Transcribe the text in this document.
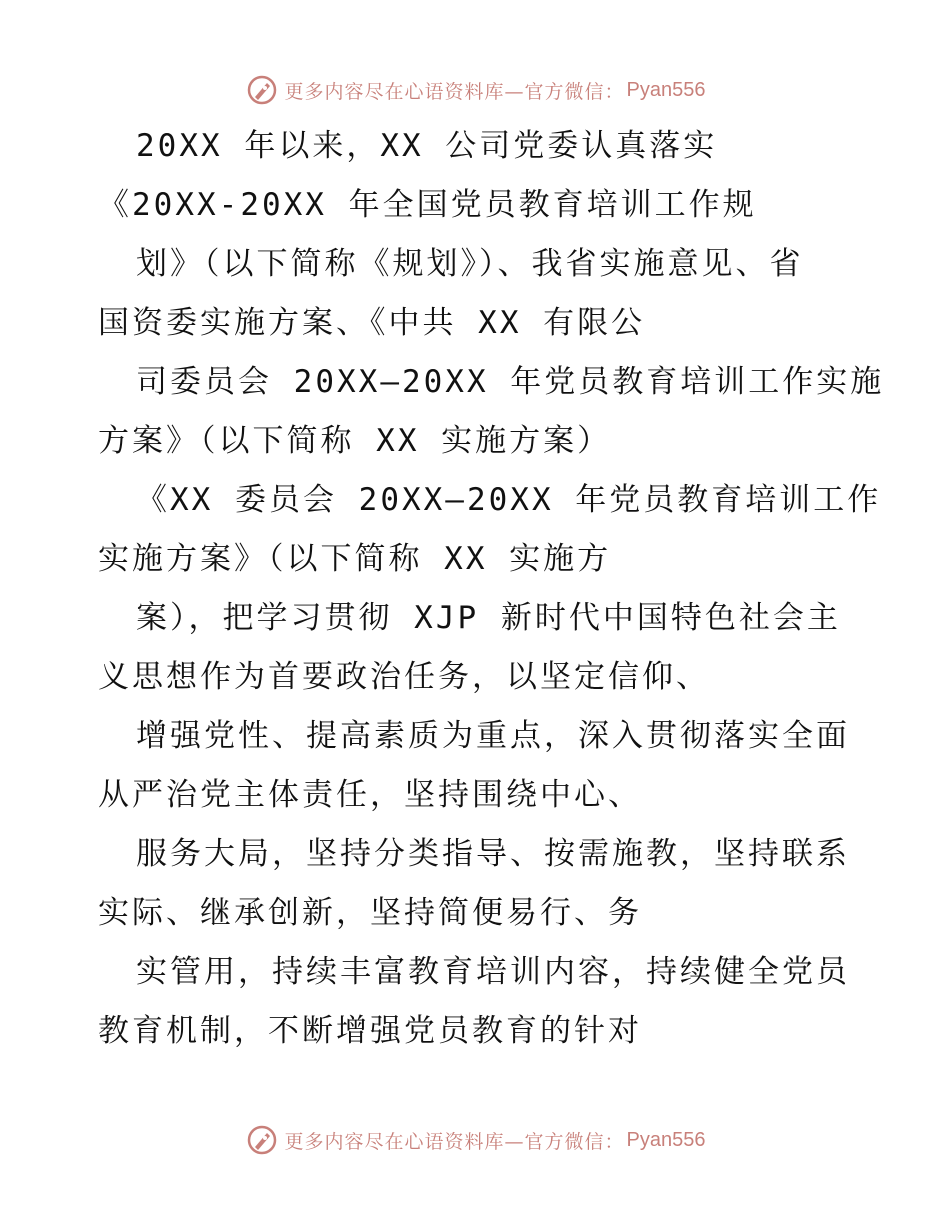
更多内容尽在心语资料库—官方微信： Pyan556
20XX 年以来，XX 公司党委认真落实
《20XX-20XX 年全国党员教育培训工作规
划》（以下简称《规划》）、我省实施意见、省
国资委实施方案、《中共 XX 有限公
司委员会 20XX—20XX 年党员教育培训工作实施
方案》（以下简称 XX 实施方案）
《XX 委员会 20XX—20XX 年党员教育培训工作
实施方案》（以下简称 XX 实施方
案），把学习贯彻 XJP 新时代中国特色社会主
义思想作为首要政治任务，以坚定信仰、
增强党性、提高素质为重点，深入贯彻落实全面
从严治党主体责任，坚持围绕中心、
服务大局，坚持分类指导、按需施教，坚持联系
实际、继承创新，坚持简便易行、务
实管用，持续丰富教育培训内容，持续健全党员
教育机制，不断增强党员教育的针对
更多内容尽在心语资料库—官方微信： Pyan556
